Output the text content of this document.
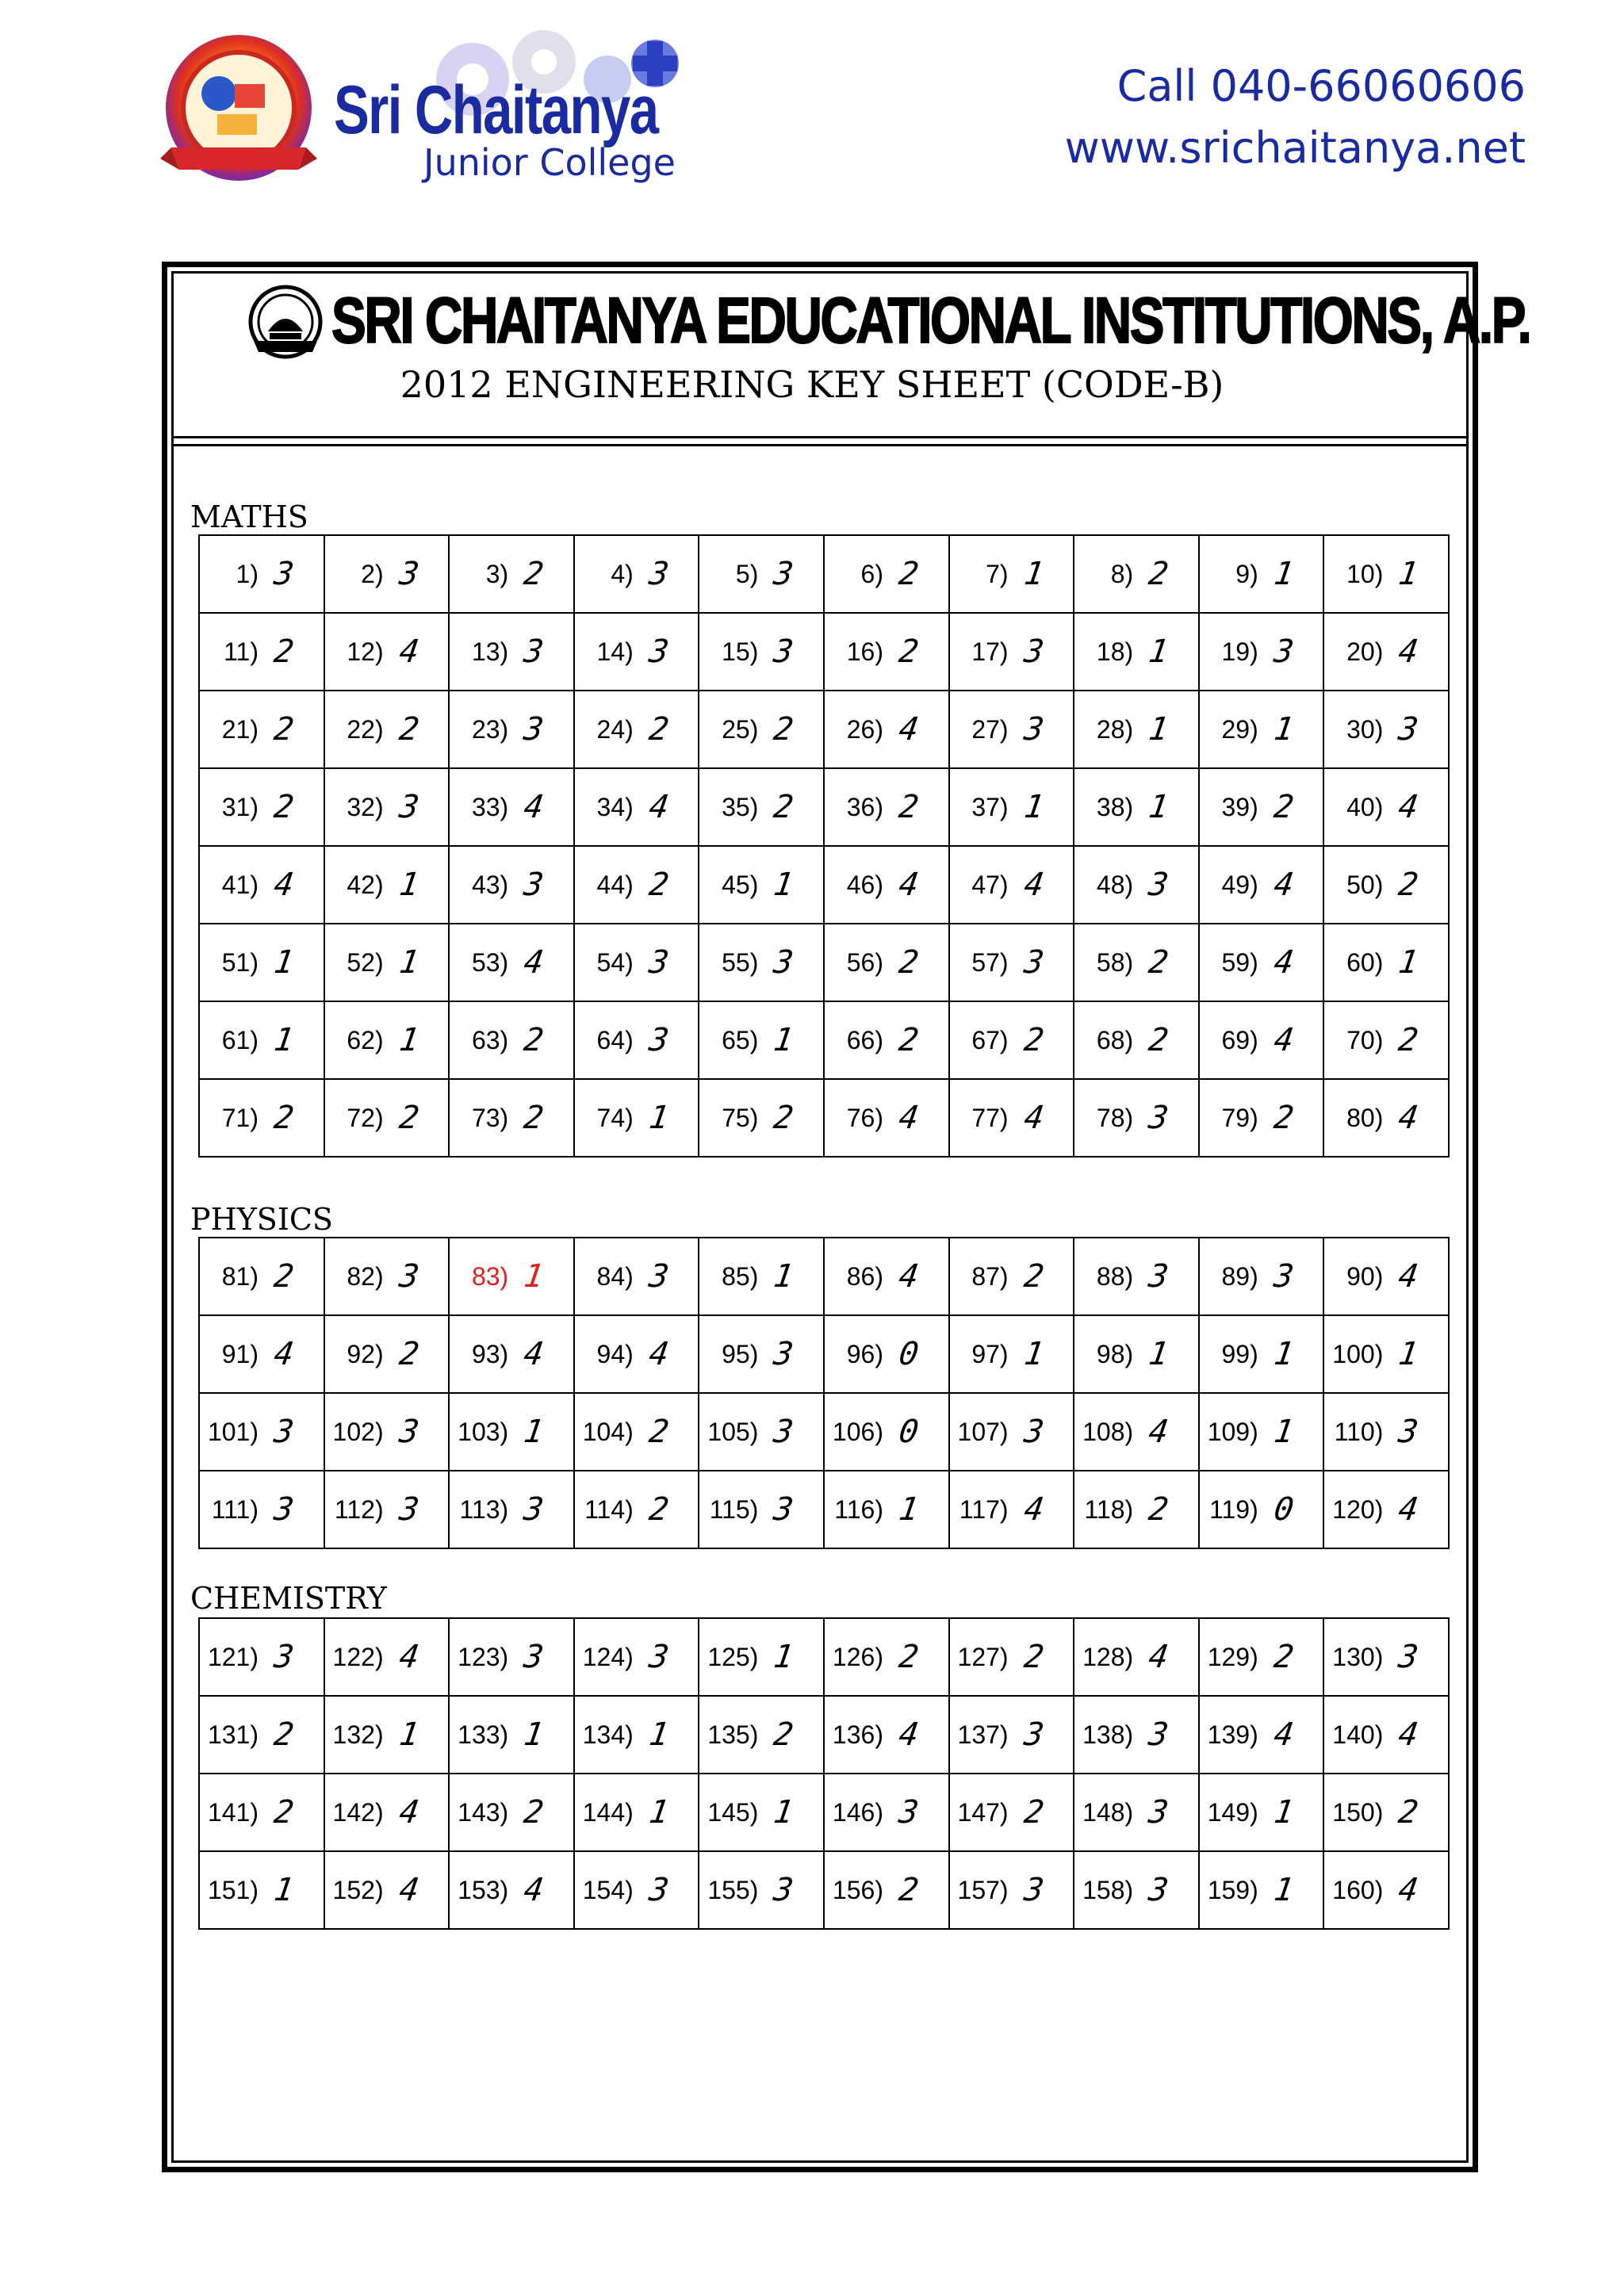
Sri Chaitanya
Junior College
Call 040-66060606
www.srichaitanya.net
SRI CHAITANYA EDUCATIONAL INSTITUTIONS, A.P.
2012 ENGINEERING KEY SHEET (CODE-B)
MATHS
1) 3	2) 3	3) 2	4) 3	5) 3	6) 2	7) 1	8) 2	9) 1	10) 1

11) 2	12) 4	13) 3	14) 3	15) 3	16) 2	17) 3	18) 1	19) 3	20) 4

21) 2	22) 2	23) 3	24) 2	25) 2	26) 4	27) 3	28) 1	29) 1	30) 3

31) 2	32) 3	33) 4	34) 4	35) 2	36) 2	37) 1	38) 1	39) 2	40) 4

41) 4	42) 1	43) 3	44) 2	45) 1	46) 4	47) 4	48) 3	49) 4	50) 2

51) 1	52) 1	53) 4	54) 3	55) 3	56) 2	57) 3	58) 2	59) 4	60) 1

61) 1	62) 1	63) 2	64) 3	65) 1	66) 2	67) 2	68) 2	69) 4	70) 2

71) 2	72) 2	73) 2	74) 1	75) 2	76) 4	77) 4	78) 3	79) 2	80) 4
PHYSICS
81) 2	82) 3	83) 1	84) 3	85) 1	86) 4	87) 2	88) 3	89) 3	90) 4

91) 4	92) 2	93) 4	94) 4	95) 3	96) 0	97) 1	98) 1	99) 1	100) 1

101) 3	102) 3	103) 1	104) 2	105) 3	106) 0	107) 3	108) 4	109) 1	110) 3

111) 3	112) 3	113) 3	114) 2	115) 3	116) 1	117) 4	118) 2	119) 0	120) 4
CHEMISTRY
121) 3	122) 4	123) 3	124) 3	125) 1	126) 2	127) 2	128) 4	129) 2	130) 3

131) 2	132) 1	133) 1	134) 1	135) 2	136) 4	137) 3	138) 3	139) 4	140) 4

141) 2	142) 4	143) 2	144) 1	145) 1	146) 3	147) 2	148) 3	149) 1	150) 2

151) 1	152) 4	153) 4	154) 3	155) 3	156) 2	157) 3	158) 3	159) 1	160) 4
